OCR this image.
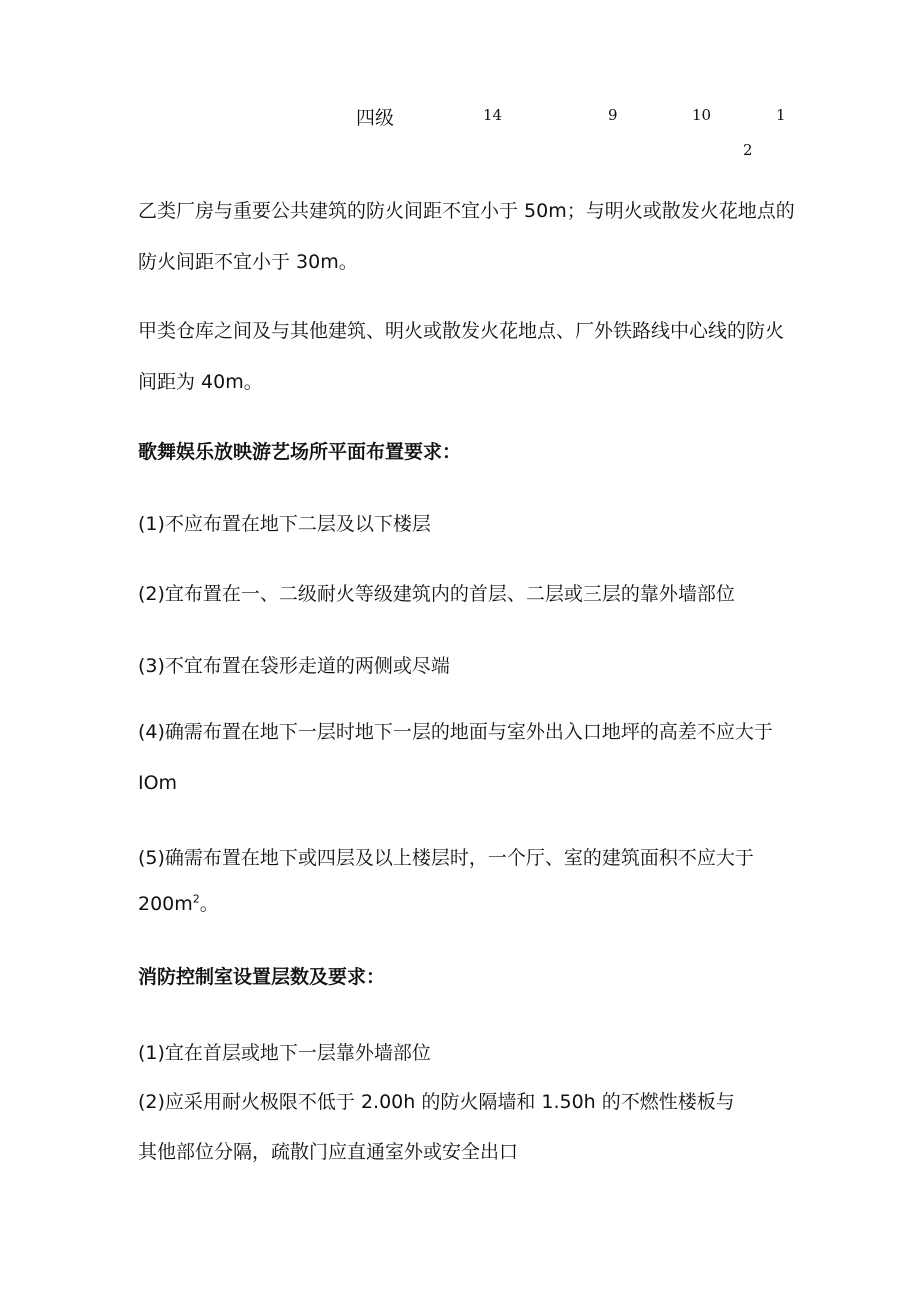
四级	14	9	10	1
2

乙类厂房与重要公共建筑的防火间距不宜小于 50m；与明火或散发火花地点的防火间距不宜小于 30m。

甲类仓库之间及与其他建筑、明火或散发火花地点、厂外铁路线中心线的防火间距为 40m。

歌舞娱乐放映游艺场所平面布置要求：

(1)不应布置在地下二层及以下楼层

(2)宜布置在一、二级耐火等级建筑内的首层、二层或三层的靠外墙部位

(3)不宜布置在袋形走道的两侧或尽端

(4)确需布置在地下一层时地下一层的地面与室外出入口地坪的高差不应大于 IOm

(5)确需布置在地下或四层及以上楼层时，一个厅、室的建筑面积不应大于

$200m^2$。

消防控制室设置层数及要求：

(1)宜在首层或地下一层靠外墙部位

(2)应采用耐火极限不低于 2.00h 的防火隔墙和 1.50h 的不燃性楼板与

其他部位分隔，疏散门应直通室外或安全出口
